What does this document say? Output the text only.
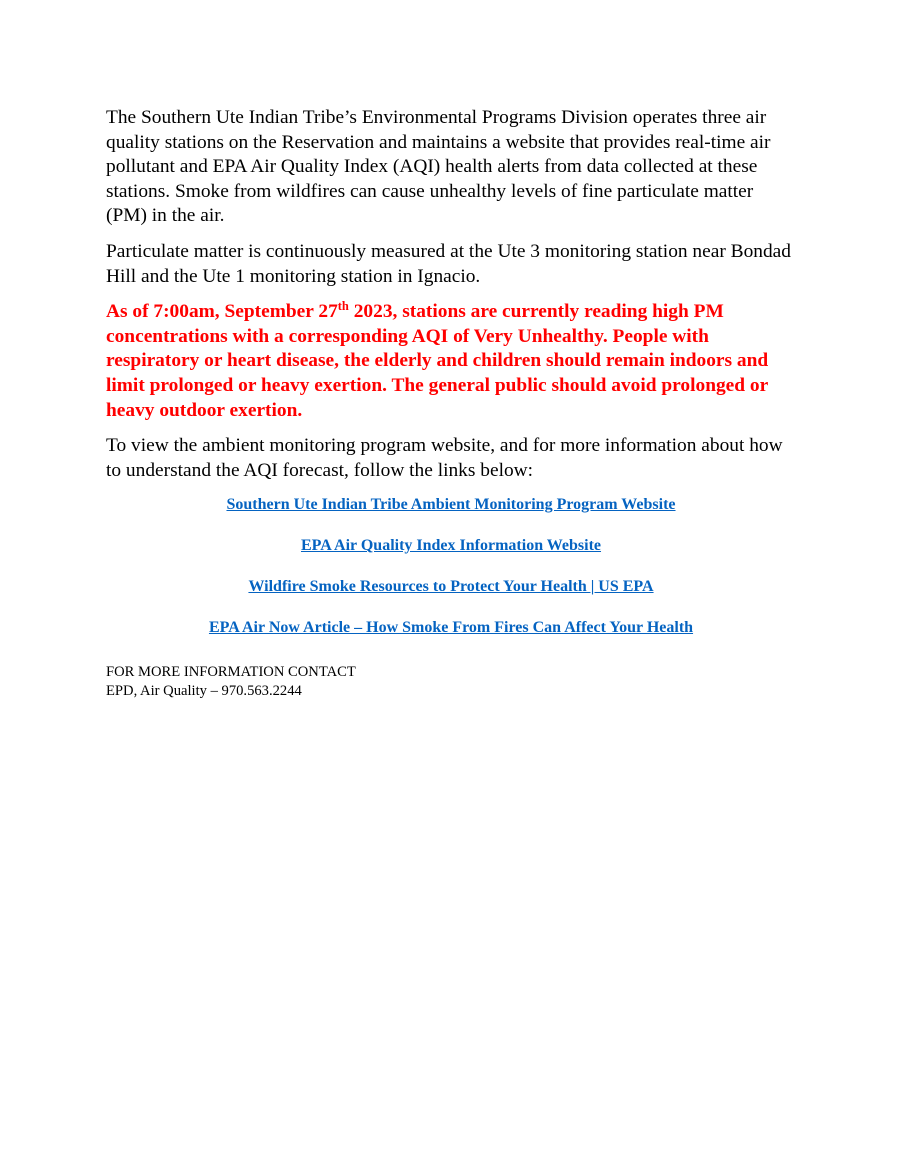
The Southern Ute Indian Tribe’s Environmental Programs Division operates three air quality stations on the Reservation and maintains a website that provides real-time air pollutant and EPA Air Quality Index (AQI) health alerts from data collected at these stations. Smoke from wildfires can cause unhealthy levels of fine particulate matter (PM) in the air.

Particulate matter is continuously measured at the Ute 3 monitoring station near Bondad Hill and the Ute 1 monitoring station in Ignacio.

As of 7:00am, September 27th 2023, stations are currently reading high PM concentrations with a corresponding AQI of Very Unhealthy. People with respiratory or heart disease, the elderly and children should remain indoors and limit prolonged or heavy exertion. The general public should avoid prolonged or heavy outdoor exertion.

To view the ambient monitoring program website, and for more information about how to understand the AQI forecast, follow the links below:

Southern Ute Indian Tribe Ambient Monitoring Program Website
EPA Air Quality Index Information Website
Wildfire Smoke Resources to Protect Your Health | US EPA
EPA Air Now Article – How Smoke From Fires Can Affect Your Health
FOR MORE INFORMATION CONTACT
EPD, Air Quality – 970.563.2244
